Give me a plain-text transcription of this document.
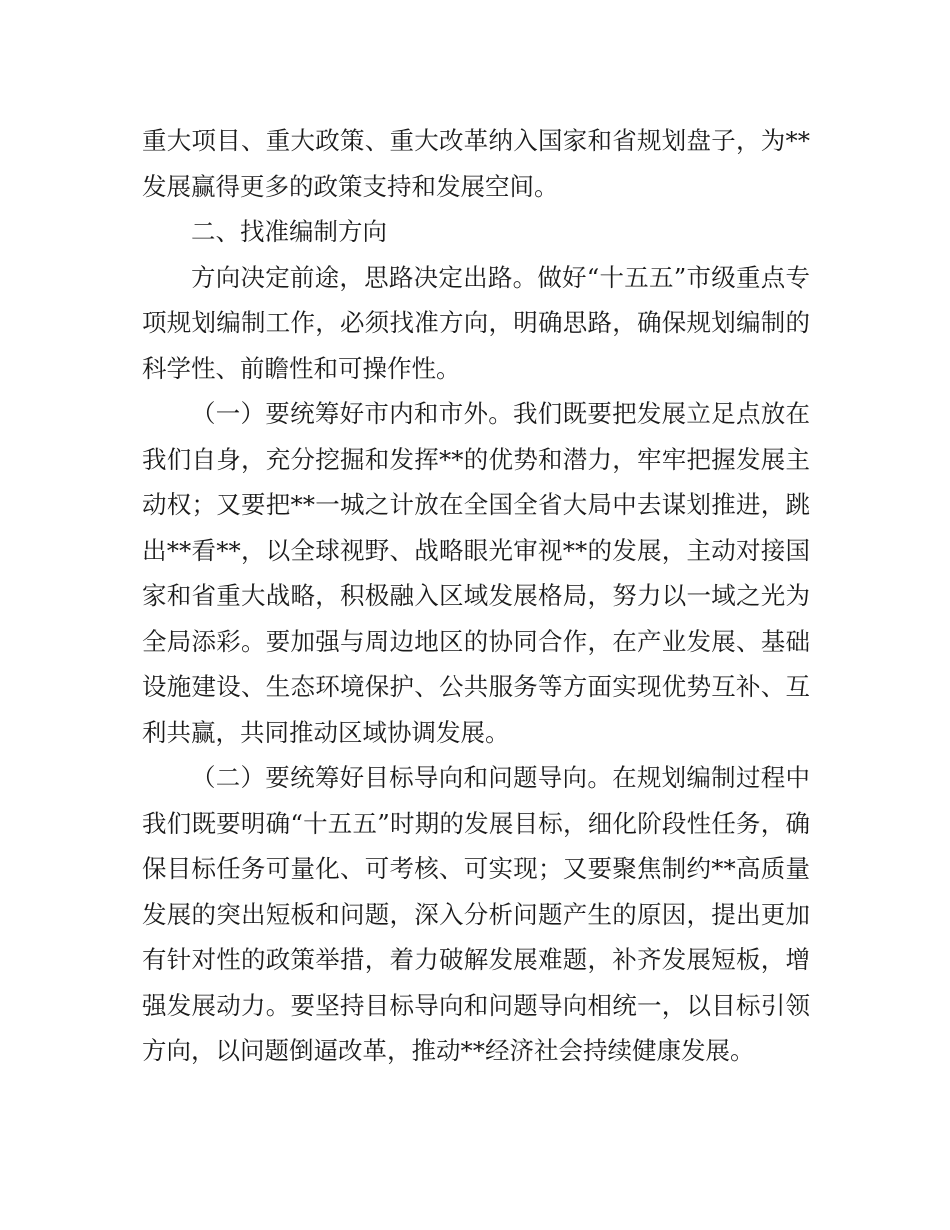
重大项目、重大政策、重大改革纳入国家和省规划盘子，为**发展赢得更多的政策支持和发展空间。

二、找准编制方向

方向决定前途，思路决定出路。做好“十五五”市级重点专项规划编制工作，必须找准方向，明确思路，确保规划编制的科学性、前瞻性和可操作性。

（一）要统筹好市内和市外。我们既要把发展立足点放在我们自身，充分挖掘和发挥**的优势和潜力，牢牢把握发展主动权；又要把**一城之计放在全国全省大局中去谋划推进，跳出**看**，以全球视野、战略眼光审视**的发展，主动对接国家和省重大战略，积极融入区域发展格局，努力以一域之光为全局添彩。要加强与周边地区的协同合作，在产业发展、基础设施建设、生态环境保护、公共服务等方面实现优势互补、互利共赢，共同推动区域协调发展。

（二）要统筹好目标导向和问题导向。在规划编制过程中我们既要明确“十五五”时期的发展目标，细化阶段性任务，确保目标任务可量化、可考核、可实现；又要聚焦制约**高质量发展的突出短板和问题，深入分析问题产生的原因，提出更加有针对性的政策举措，着力破解发展难题，补齐发展短板，增强发展动力。要坚持目标导向和问题导向相统一，以目标引领方向，以问题倒逼改革，推动**经济社会持续健康发展。
